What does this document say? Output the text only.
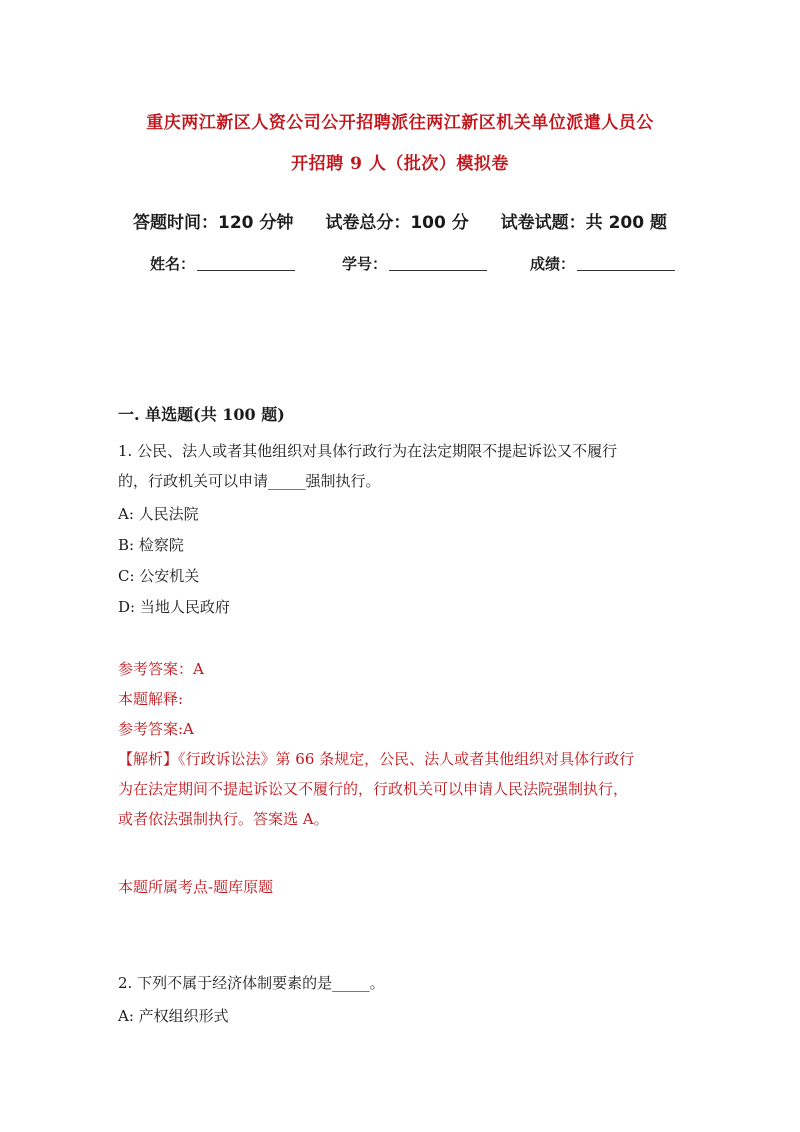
重庆两江新区人资公司公开招聘派往两江新区机关单位派遣人员公
开招聘 9 人（批次）模拟卷
答题时间：120 分钟 试卷总分：100 分 试卷试题：共 200 题
姓名：	学号：	成绩：
一. 单选题(共 100 题)

1. 公民、法人或者其他组织对具体行政行为在法定期限不提起诉讼又不履行

的，行政机关可以申请_____强制执行。

A: 人民法院

B: 检察院

C: 公安机关

D: 当地人民政府

参考答案：A

本题解释:

参考答案:A

【解析】《行政诉讼法》第 66 条规定，公民、法人或者其他组织对具体行政行

为在法定期间不提起诉讼又不履行的，行政机关可以申请人民法院强制执行，

或者依法强制执行。答案选 A。

本题所属考点-题库原题

2. 下列不属于经济体制要素的是_____。

A: 产权组织形式
